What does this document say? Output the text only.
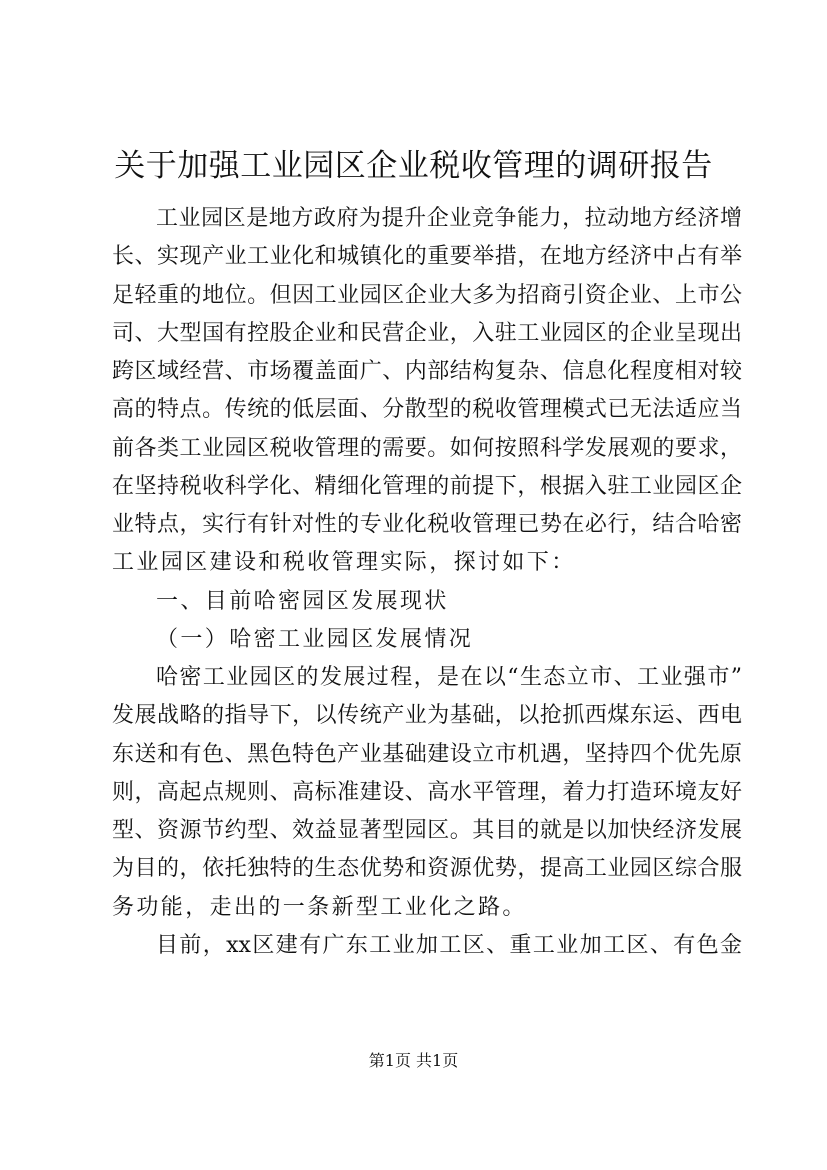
关于加强工业园区企业税收管理的调研报告
工业园区是地方政府为提升企业竞争能力，拉动地方经济增
长、实现产业工业化和城镇化的重要举措，在地方经济中占有举
足轻重的地位。但因工业园区企业大多为招商引资企业、上市公
司、大型国有控股企业和民营企业，入驻工业园区的企业呈现出
跨区域经营、市场覆盖面广、内部结构复杂、信息化程度相对较
高的特点。传统的低层面、分散型的税收管理模式已无法适应当
前各类工业园区税收管理的需要。如何按照科学发展观的要求，
在坚持税收科学化、精细化管理的前提下，根据入驻工业园区企
业特点，实行有针对性的专业化税收管理已势在必行，结合哈密
工业园区建设和税收管理实际，探讨如下：
一、目前哈密园区发展现状
（一）哈密工业园区发展情况
哈密工业园区的发展过程，是在以“生态立市、工业强市”
发展战略的指导下，以传统产业为基础，以抢抓西煤东运、西电
东送和有色、黑色特色产业基础建设立市机遇，坚持四个优先原
则，高起点规则、高标准建设、高水平管理，着力打造环境友好
型、资源节约型、效益显著型园区。其目的就是以加快经济发展
为目的，依托独特的生态优势和资源优势，提高工业园区综合服
务功能，走出的一条新型工业化之路。
目前，xx区建有广东工业加工区、重工业加工区、有色金
第1页 共1页
